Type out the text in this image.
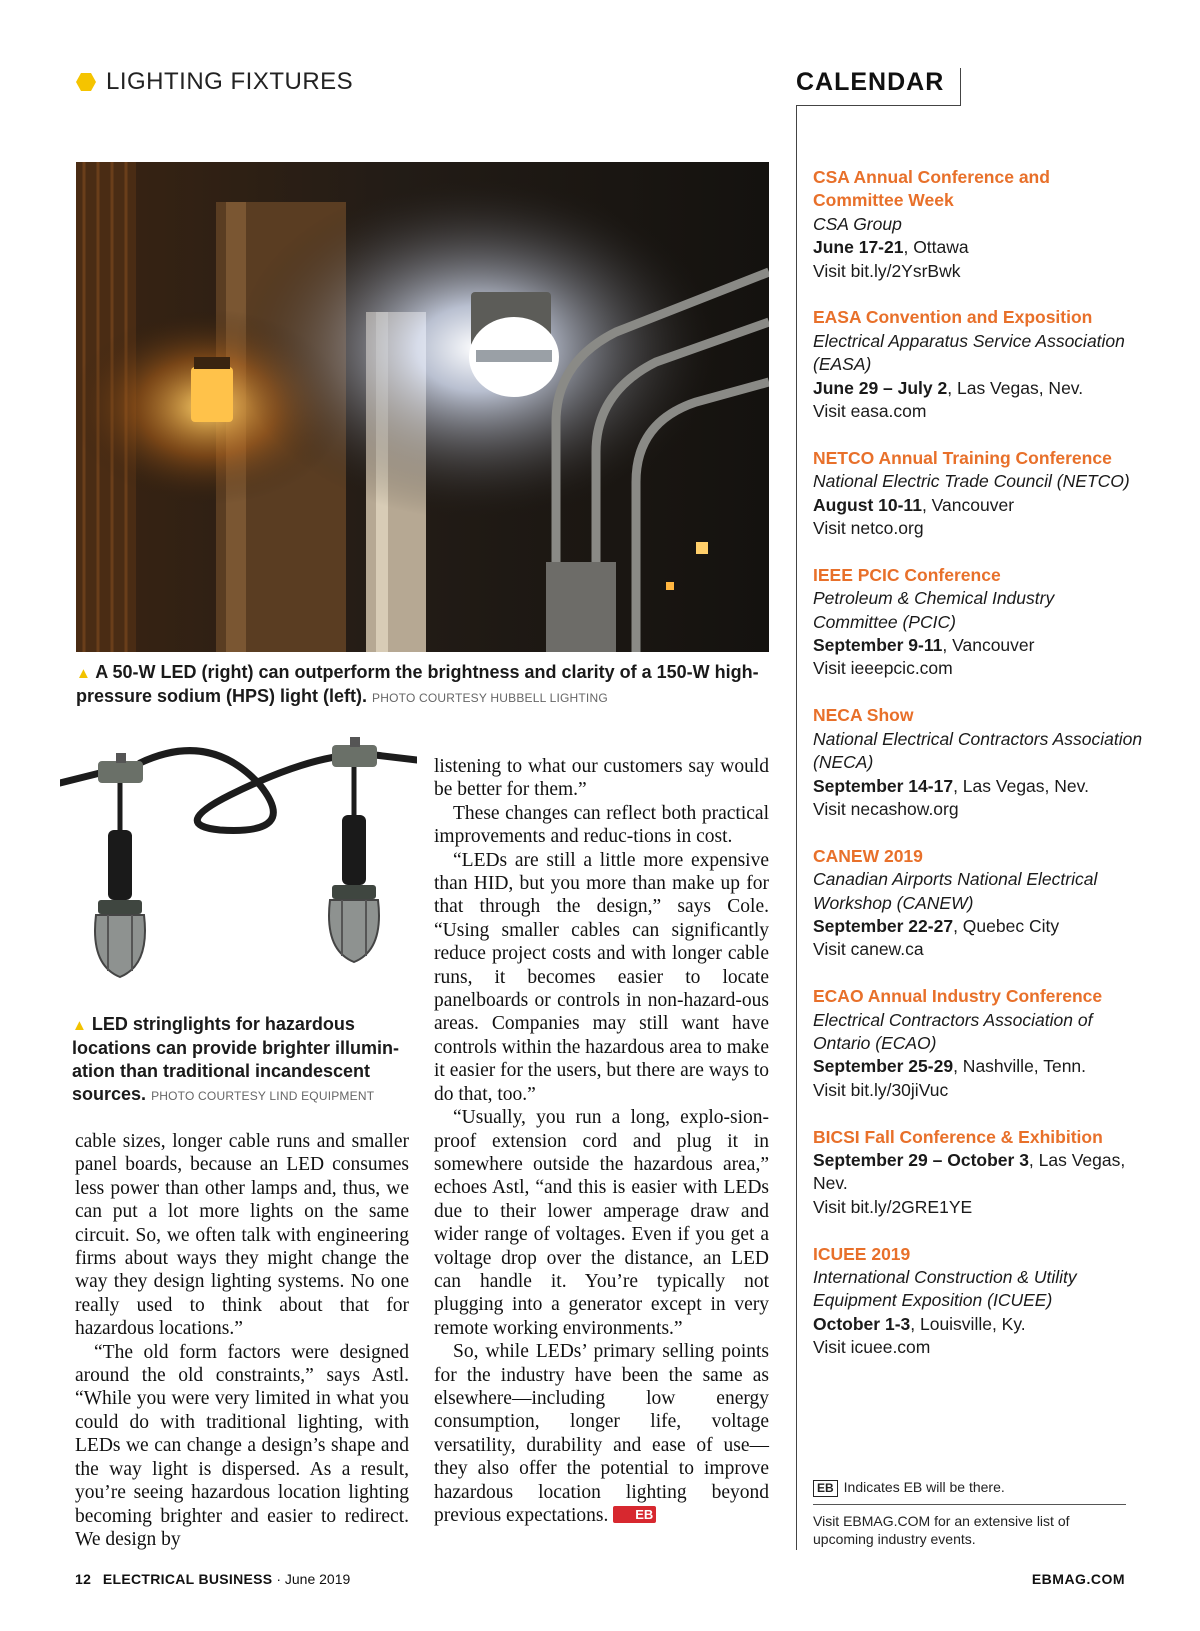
LIGHTING FIXTURES	CALENDAR
▲ A 50-W LED (right) can outperform the brightness and clarity of a 150-W high-pressure sodium (HPS) light (left). PHOTO COURTESY HUBBELL LIGHTING
▲ LED stringlights for hazardous locations can provide brighter illumin-ation than traditional incandescent sources. PHOTO COURTESY LIND EQUIPMENT

cable sizes, longer cable runs and smaller panel boards, because an LED consumes less power than other lamps and, thus, we can put a lot more lights on the same circuit. So, we often talk with engineering firms about ways they might change the way they design lighting systems. No one really used to think about that for hazardous locations.”

“The old form factors were designed around the old constraints,” says Astl. “While you were very limited in what you could do with traditional lighting, with LEDs we can change a design’s shape and the way light is dispersed. As a result, you’re seeing hazardous location lighting becoming brighter and easier to redirect. We design by

listening to what our customers say would be better for them.”

These changes can reflect both practical improvements and reduc-tions in cost.

“LEDs are still a little more expensive than HID, but you more than make up for that through the design,” says Cole. “Using smaller cables can significantly reduce project costs and with longer cable runs, it becomes easier to locate panelboards or controls in non-hazard-ous areas. Companies may still want have controls within the hazardous area to make it easier for the users, but there are ways to do that, too.”

“Usually, you run a long, explo-sion-proof extension cord and plug it in somewhere outside the hazardous area,” echoes Astl, “and this is easier with LEDs due to their lower amperage draw and wider range of voltages. Even if you get a voltage drop over the distance, an LED can handle it. You’re typically not plugging into a generator except in very remote working environments.”

So, while LEDs’ primary selling points for the industry have been the same as elsewhere—including low energy consumption, longer life, voltage versatility, durability and ease of use—they also offer the potential to improve hazardous location lighting beyond previous expectations. EB

CSA Annual Conference and Committee Week
CSA Group
June 17-21, Ottawa
Visit bit.ly/2YsrBwk
EASA Convention and Exposition
Electrical Apparatus Service Association (EASA)
June 29 – July 2, Las Vegas, Nev.
Visit easa.com
NETCO Annual Training Conference
National Electric Trade Council (NETCO)
August 10-11, Vancouver
Visit netco.org
IEEE PCIC Conference
Petroleum & Chemical Industry Committee (PCIC)
September 9-11, Vancouver
Visit ieeepcic.com
NECA Show
National Electrical Contractors Association (NECA)
September 14-17, Las Vegas, Nev.
Visit necashow.org
CANEW 2019
Canadian Airports National Electrical Workshop (CANEW)
September 22-27, Quebec City
Visit canew.ca
ECAO Annual Industry Conference
Electrical Contractors Association of Ontario (ECAO)
September 25-29, Nashville, Tenn.
Visit bit.ly/30jiVuc
BICSI Fall Conference & Exhibition
September 29 – October 3, Las Vegas, Nev.
Visit bit.ly/2GRE1YE
ICUEE 2019
International Construction & Utility Equipment Exposition (ICUEE)
October 1-3, Louisville, Ky.
Visit icuee.com
EB Indicates EB will be there.
Visit EBMAG.COM for an extensive list of upcoming industry events.
12 ELECTRICAL BUSINESS · June 2019	EBMAG.COM
